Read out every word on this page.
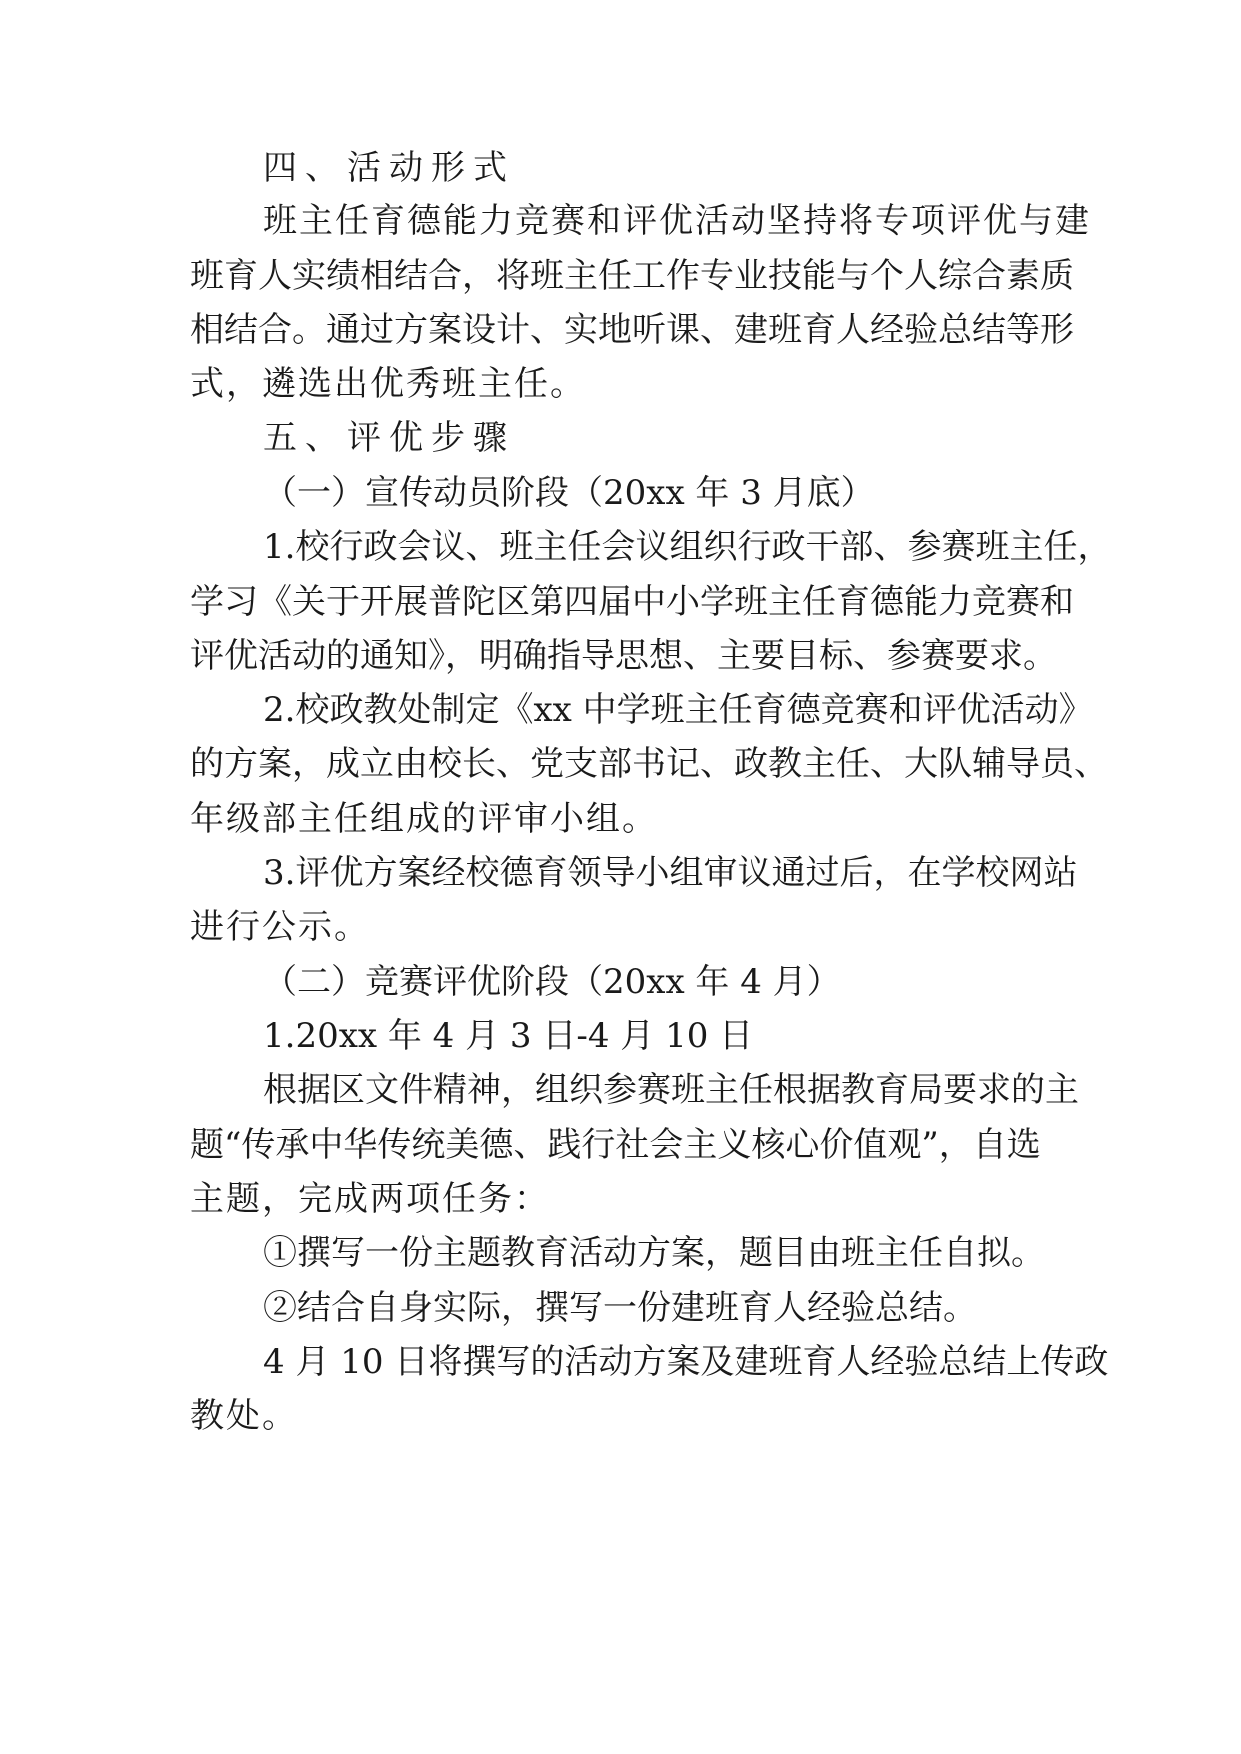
四、活动形式

班主任育德能力竞赛和评优活动坚持将专项评优与建

班育人实绩相结合，将班主任工作专业技能与个人综合素质

相结合。通过方案设计、实地听课、建班育人经验总结等形

式，遴选出优秀班主任。

五、评优步骤

（一）宣传动员阶段（20xx 年 3 月底）

1.校行政会议、班主任会议组织行政干部、参赛班主任，

学习《关于开展普陀区第四届中小学班主任育德能力竞赛和

评优活动的通知》，明确指导思想、主要目标、参赛要求。

2.校政教处制定《xx 中学班主任育德竞赛和评优活动》

的方案，成立由校长、党支部书记、政教主任、大队辅导员、

年级部主任组成的评审小组。

3.评优方案经校德育领导小组审议通过后，在学校网站

进行公示。

（二）竞赛评优阶段（20xx 年 4 月）

1.20xx 年 4 月 3 日-4 月 10 日

根据区文件精神，组织参赛班主任根据教育局要求的主

题“传承中华传统美德、践行社会主义核心价值观”，自选

主题，完成两项任务：

①撰写一份主题教育活动方案，题目由班主任自拟。

②结合自身实际，撰写一份建班育人经验总结。

4 月 10 日将撰写的活动方案及建班育人经验总结上传政

教处。
